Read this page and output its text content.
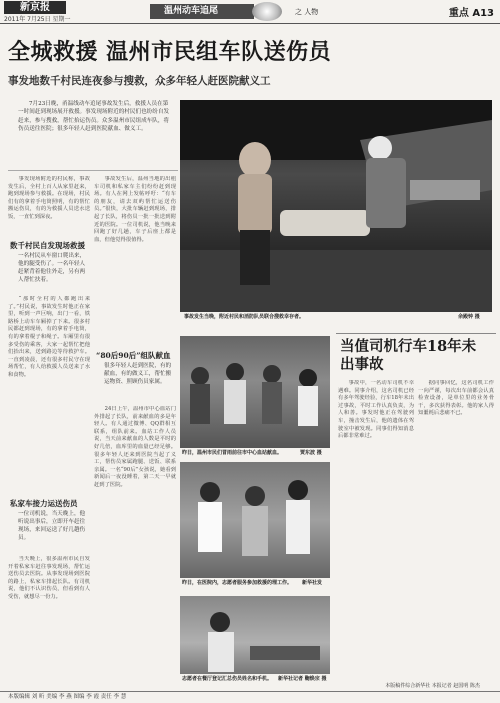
新京报
2011年 7月25日 星期一
温州动车追尾	之 人物	重点 A13
全城救援 温州市民组车队送伤员
事发地数千村民连夜参与搜救，众多年轻人赶医院献义工
7月23日晚，甬温线动车追尾事故发生后，救援人员在第一时间赶到现场展开救援。事发现场附近的村民们也纷纷自发赶来，参与搜救，帮忙抬运伤员。众多温州市民组成车队，将伤员送往医院；很多年轻人赶到医院献血、做义工。

事发现场附近的村民称，事故发生后，全村上百人从家里赶来，跑到现场参与救援。在现场，村民们有的拿着手电筒照明，有的帮忙搬运伤员，有的为救援人员送水送饭，一直忙到深夜。

数千村民自发现场救援
一名村民从车窗口爬出来，他的腿受伤了。一名年轻人赶紧背着他往外走，另有两人帮忙扶着。

“那时全村的人都跑出来了。”村民说，事故发生时他正在家里，听到一声巨响，出门一看，铁路桥上动车车厢掉了下来。很多村民都赶到现场，有的拿着手电筒，有的拿着棍子和绳子。车厢里有很多受伤的乘客，大家一起帮忙把他们抬出来，送到路边等待救护车。一直到凌晨，还有很多村民守在现场帮忙，有人给救援人员送来了水和食物。

私家车接力运送伤员
一位司机说，当天晚上，他听说出事后，立即开车赶往现场，来回运送了好几趟伤员。

当天晚上，很多温州市民自发开着私家车赶往事发现场，帮忙运送伤员去医院。从事发现场到医院的路上，私家车排起长队。有司机说，他们不认识伤员，但看到有人受伤，就想尽一份力。

事故发生后，温州当地的出租车司机和私家车主们纷纷赶到现场。有人在网上发帖呼吁：“有车的朋友，请去双屿帮忙运送伤员。”很快，大批车辆赶到现场，排起了长队，将伤员一批一批送到附近的医院。一位司机说，他当晚来回跑了好几趟，车子后座上都是血，但他觉得很值得。

“80后90后”组队献血
很多年轻人赶到医院，有的献血，有的做义工，帮忙搬运物资、照顾伤员家属。

24日上午，温州市中心血站门外排起了长队，前来献血的多是年轻人。有人通过微博、QQ群相互联系，组队前来。血站工作人员说，当天前来献血的人数是平时的好几倍，血库里的血量已经足够。很多年轻人还来到医院当起了义工，帮伤员家属跑腿、送饭、联系亲属。一名“90后”女孩说，她看到新闻后一夜没睡着，第二天一早就赶到了医院。

事故发生当晚，附近村民和消防队员联合搜救幸存者。	余殿钟 摄
昨日，温州市民们冒雨前往市中心血站献血。	贾东波 摄
昨日，在医院内，志愿者服务参加救援的理工作。 新华社发
志愿者在餐厅登记汇总伤员姓名和手机。 新华社记者 鞠焕宗 摄
当值司机行车18年未出事故

事故中，一名动车司机不幸遇难。同事介绍，这名司机已经有多年驾驶经验，行车18年未出过事故，平时工作认真负责，为人和善。事发时他正在驾驶列车，撞击发生后，他的遗体在驾驶室中被发现。同事们得知消息后都非常难过。

据同事回忆，这名司机工作一向严谨，每次出车前都会认真检查设备，是单位里的业务骨干，多次获得表彰。他的家人得知噩耗后悲痛不已。

本版稿件综合新华社 本报记者 赵国明 陈杰
本版编辑 刘 昕 美编 李 燕 图编 李 霞 责任 李 慧
